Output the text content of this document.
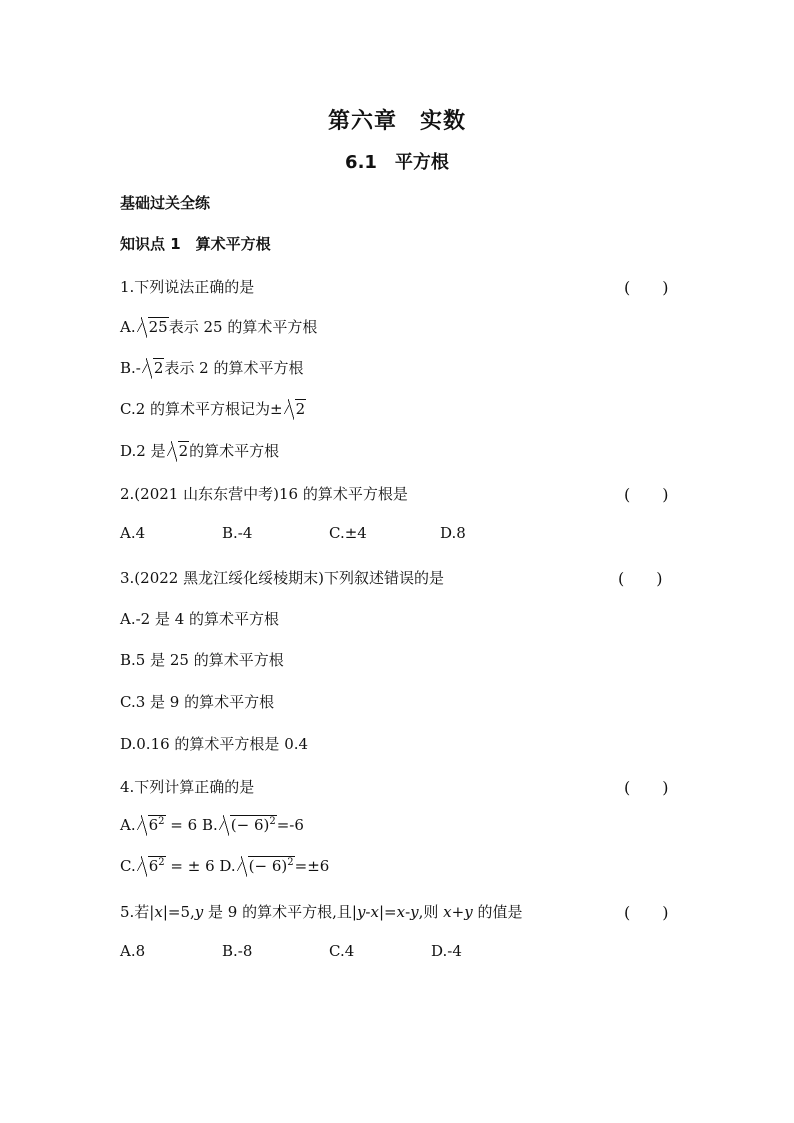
第六章　实数
6.1　平方根
基础过关全练
知识点 1　算术平方根
1.下列说法正确的是	(　　)
A. 25表示 25 的算术平方根
B.- 2表示 2 的算术平方根
C.2 的算术平方根记为± 2
D.2 是 2的算术平方根
2.(2021 山东东营中考)16 的算术平方根是	(　　)
A.4	B.-4	C.±4	D.8
3.(2022 黑龙江绥化绥棱期末)下列叙述错误的是	(　　)
A.-2 是 4 的算术平方根
B.5 是 25 的算术平方根
C.3 是 9 的算术平方根
D.0.16 的算术平方根是 0.4
4.下列计算正确的是	(　　)
A. $6^2 = 6$ B. (− 6)$^2$=-6
C. $6^2$ = ± 6 D. (− 6)$^2$=±6
5.若|x|=5,y 是 9 的算术平方根,且|y-x|=x-y,则 x+y 的值是	(　　)
A.8	B.-8	C.4	D.-4
